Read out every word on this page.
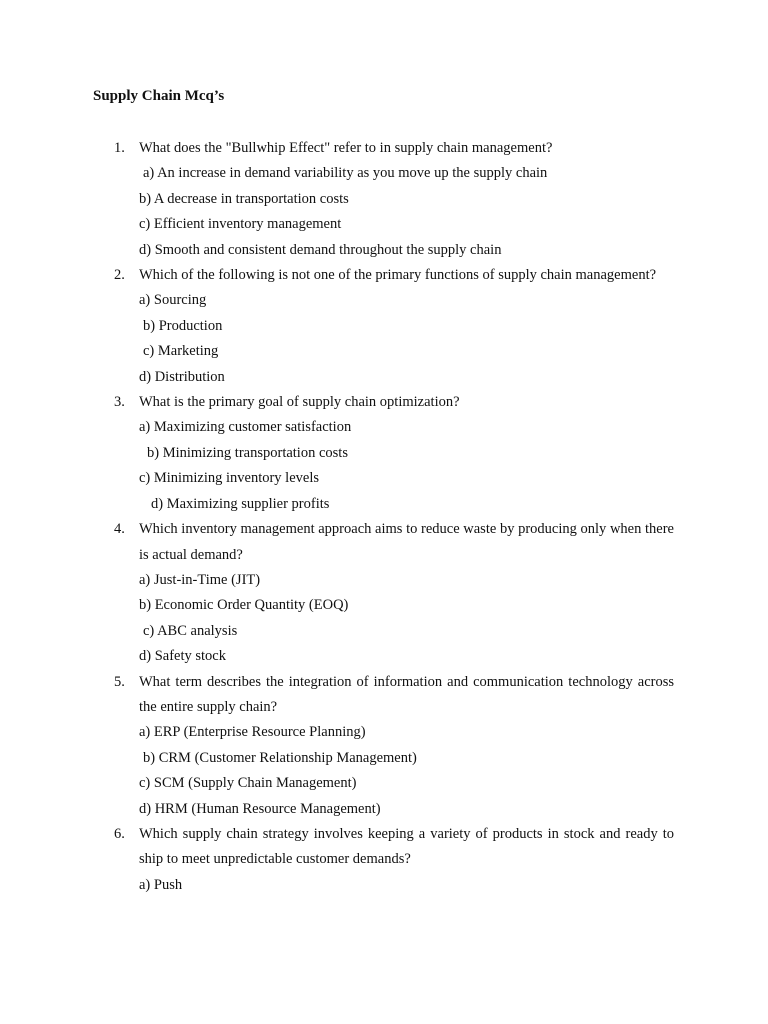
Supply Chain Mcq’s
1. What does the "Bullwhip Effect" refer to in supply chain management?
a) An increase in demand variability as you move up the supply chain
b) A decrease in transportation costs
c) Efficient inventory management
d) Smooth and consistent demand throughout the supply chain
2. Which of the following is not one of the primary functions of supply chain management?
a) Sourcing
b) Production
c) Marketing
d) Distribution
3. What is the primary goal of supply chain optimization?
a) Maximizing customer satisfaction
b) Minimizing transportation costs
c) Minimizing inventory levels
d) Maximizing supplier profits
4. Which inventory management approach aims to reduce waste by producing only when there is actual demand?
a) Just-in-Time (JIT)
b) Economic Order Quantity (EOQ)
c) ABC analysis
d) Safety stock
5. What term describes the integration of information and communication technology across the entire supply chain?
a) ERP (Enterprise Resource Planning)
b) CRM (Customer Relationship Management)
c) SCM (Supply Chain Management)
d) HRM (Human Resource Management)
6. Which supply chain strategy involves keeping a variety of products in stock and ready to ship to meet unpredictable customer demands?
a) Push
